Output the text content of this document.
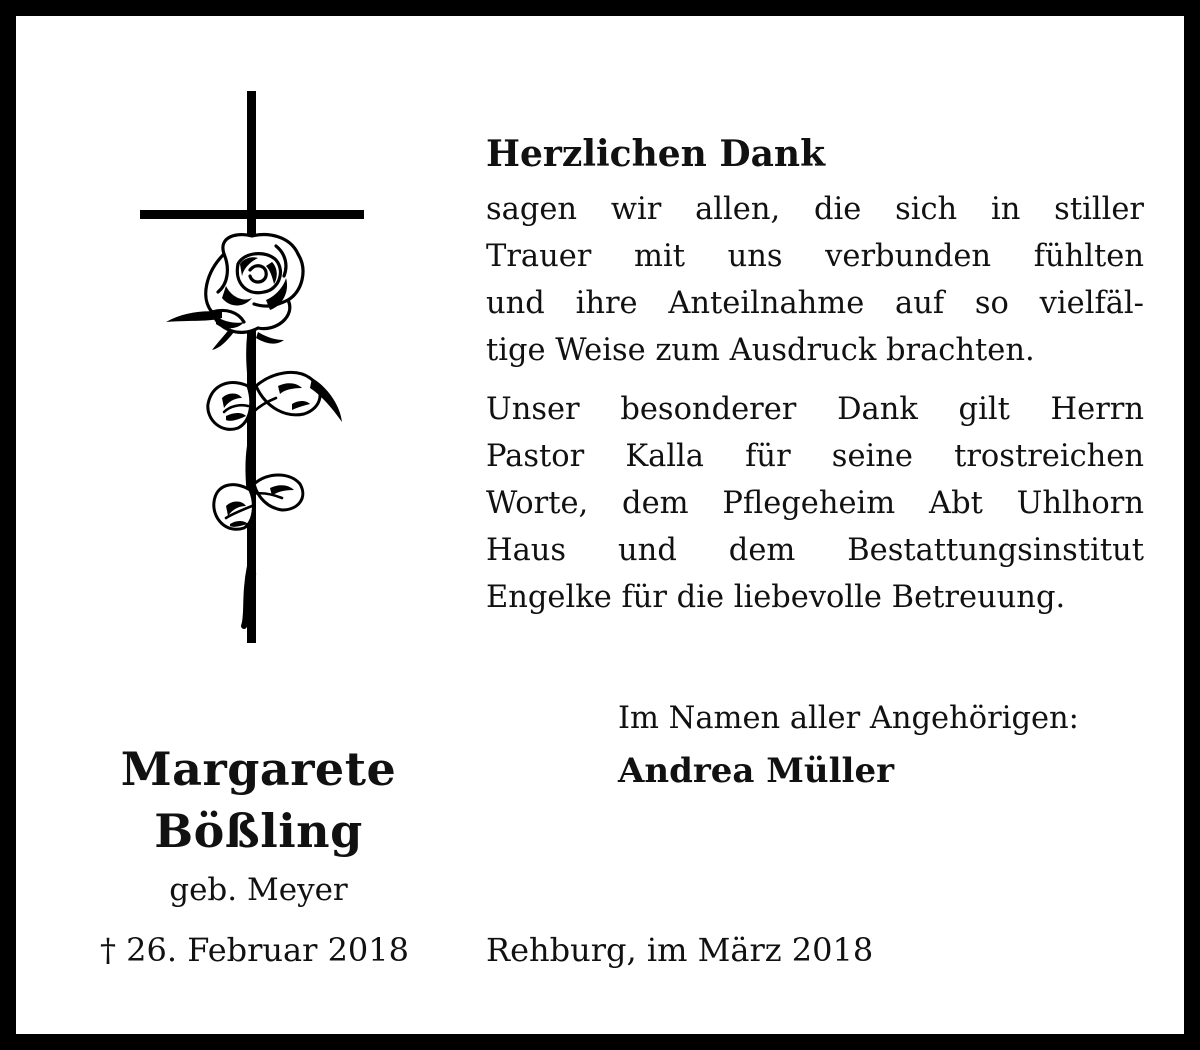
Margarete
Bößling
geb. Meyer
† 26. Februar 2018
Herzlichen Dank

sagen wir allen, die sich in stiller
Trauer mit uns verbunden fühlten
und ihre Anteilnahme auf so vielfäl-
tige Weise zum Ausdruck brachten.

Unser besonderer Dank gilt Herrn
Pastor Kalla für seine trostreichen
Worte, dem Pflegeheim Abt Uhlhorn
Haus und dem Bestattungsinstitut
Engelke für die liebevolle Betreuung.

Im Namen aller Angehörigen:
Andrea Müller
Rehburg, im März 2018
